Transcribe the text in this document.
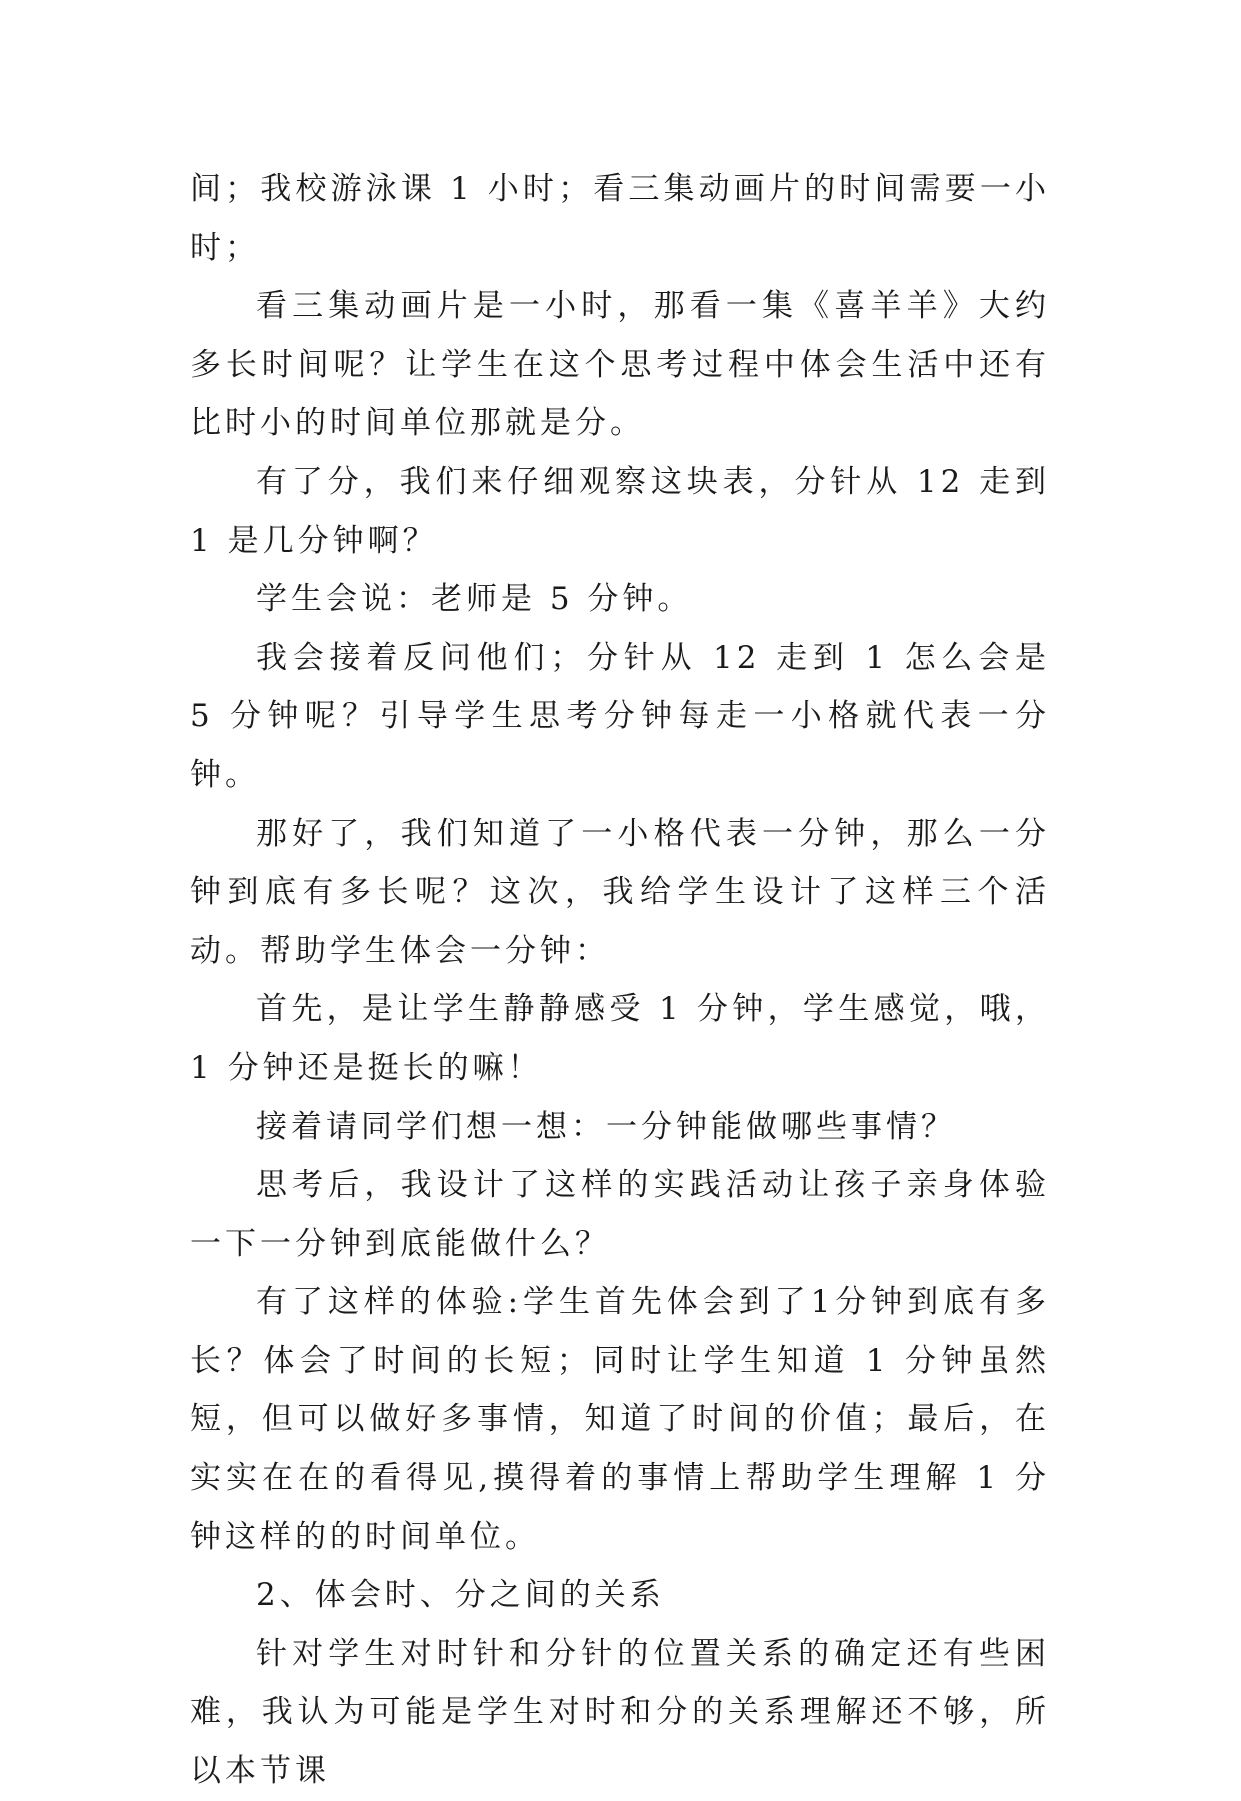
间；我校游泳课 1 小时；看三集动画片的时间需要一小时；

看三集动画片是一小时，那看一集《喜羊羊》大约多长时间呢？让学生在这个思考过程中体会生活中还有比时小的时间单位那就是分。

有了分，我们来仔细观察这块表，分针从 12 走到 1 是几分钟啊？

学生会说：老师是 5 分钟。

我会接着反问他们；分针从 12 走到 1 怎么会是 5 分钟呢？引导学生思考分钟每走一小格就代表一分钟。

那好了，我们知道了一小格代表一分钟，那么一分钟到底有多长呢？这次，我给学生设计了这样三个活动。帮助学生体会一分钟：

首先，是让学生静静感受 1 分钟，学生感觉，哦，1 分钟还是挺长的嘛！

接着请同学们想一想：一分钟能做哪些事情？

思考后，我设计了这样的实践活动让孩子亲身体验一下一分钟到底能做什么？

有了这样的体验:学生首先体会到了1分钟到底有多长？体会了时间的长短；同时让学生知道 1 分钟虽然短，但可以做好多事情，知道了时间的价值；最后，在实实在在的看得见,摸得着的事情上帮助学生理解 1 分钟这样的的时间单位。

2、体会时、分之间的关系

针对学生对时针和分针的位置关系的确定还有些困难，我认为可能是学生对时和分的关系理解还不够，所以本节课
